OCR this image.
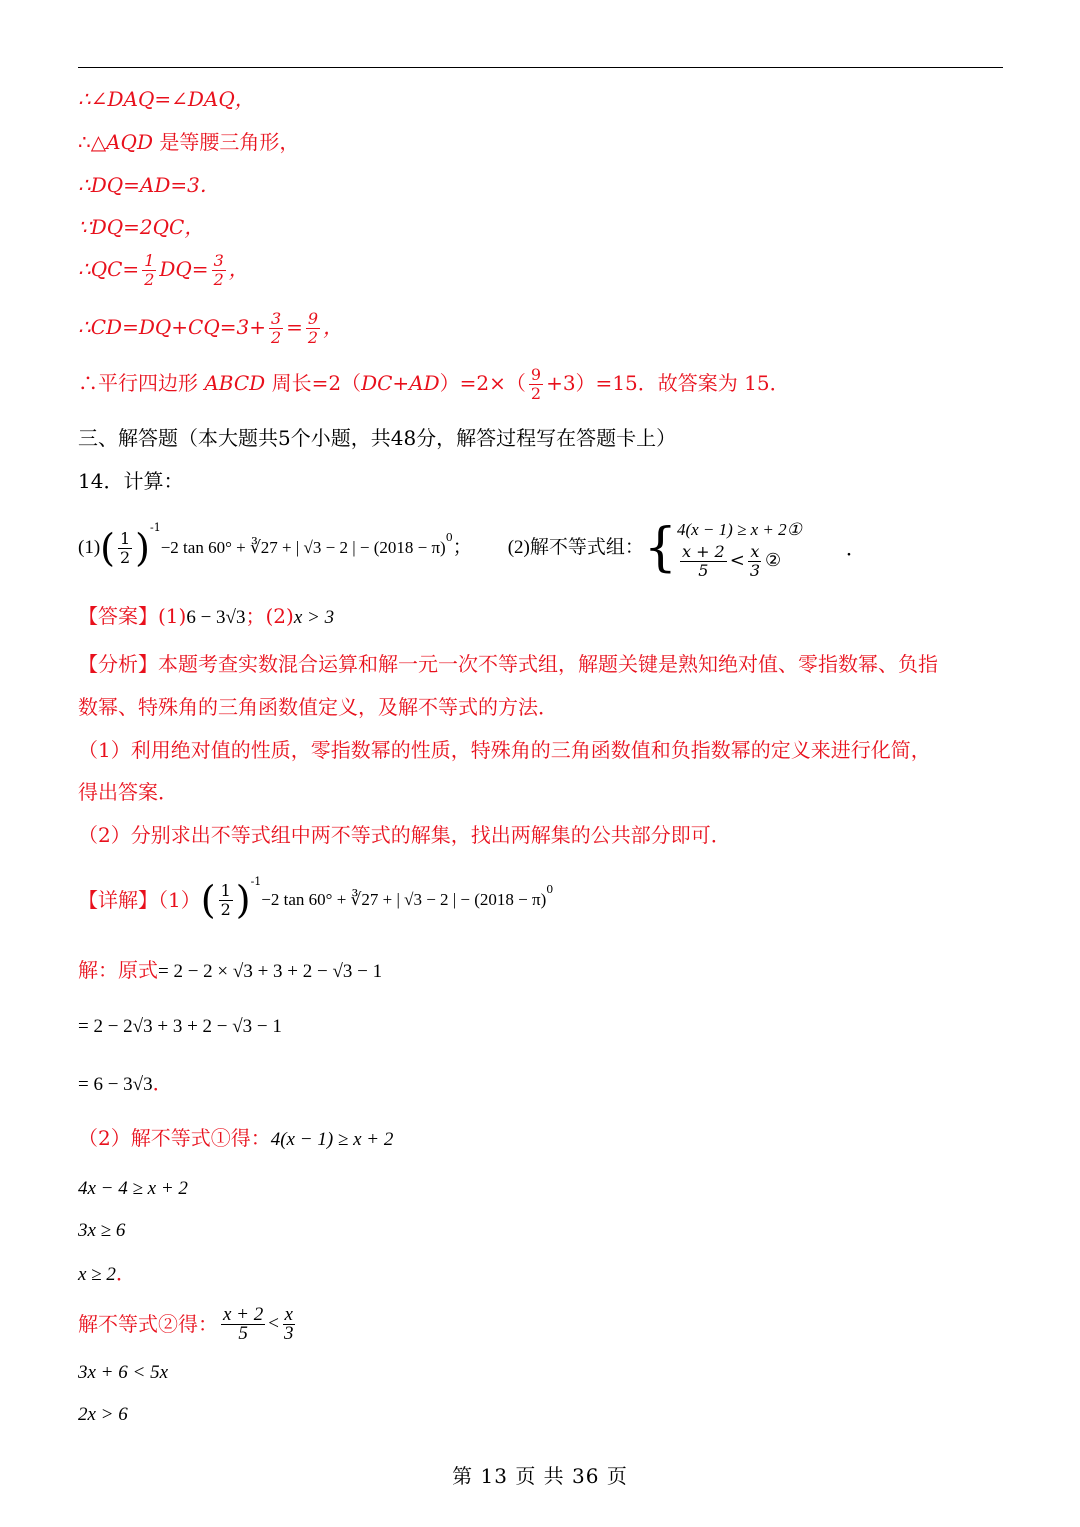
∴∠DAQ=∠DAQ，
∴△AQD 是等腰三角形，
∴DQ=AD=3．
∵DQ=2QC，
∴QC= $\frac{1}{2} DQ= \frac{3}{2}$ ，
∴CD=DQ+CQ=3+ $\frac{3}{2} = \frac{9}{2}$ ，
∴平行四边形 ABCD 周长$=2(DC+AD)=2\times( \frac{9}{2} +3)=15$．故答案为 15．
三、解答题（本大题共5个小题，共48分，解答过程写在答题卡上）
14．计算：
(1) ( $\frac{1}{2} )^{-1}$
−2 tan 60° + ∛27 + | √3 − 2 | − (2018 − π)
$^0$ ； (2)解不等式组： { 4(x − 1) ≥ x + 2①
$\frac{x + 2}{5} < \frac{x}{3}$ ②
．
【答案】(1)6 − 3√3；(2)x > 3
【分析】本题考查实数混合运算和解一元一次不等式组，解题关键是熟知绝对值、零指数幂、负指
数幂、特殊角的三角函数值定义，及解不等式的方法．
（1）利用绝对值的性质，零指数幂的性质，特殊角的三角函数值和负指数幂的定义来进行化简，
得出答案．
（2）分别求出不等式组中两不等式的解集，找出两解集的公共部分即可．
【详解】（1） ( $\frac{1}{2} )^{-1}$
−2 tan 60° + ∛27 + | √3 − 2 | − (2018 − π)
$^0$
解：原式= 2 − 2 × √3 + 3 + 2 − √3 − 1
= 2 − 2√3 + 3 + 2 − √3 − 1
= 6 − 3√3．
（2）解不等式①得：4(x − 1) ≥ x + 2
4x − 4 ≥ x + 2
3x ≥ 6
x ≥ 2．
解不等式②得： $\frac{x + 2}{5} < \frac{x}{3}$
3x + 6 < 5x
2x > 6
第 13 页 共 36 页
